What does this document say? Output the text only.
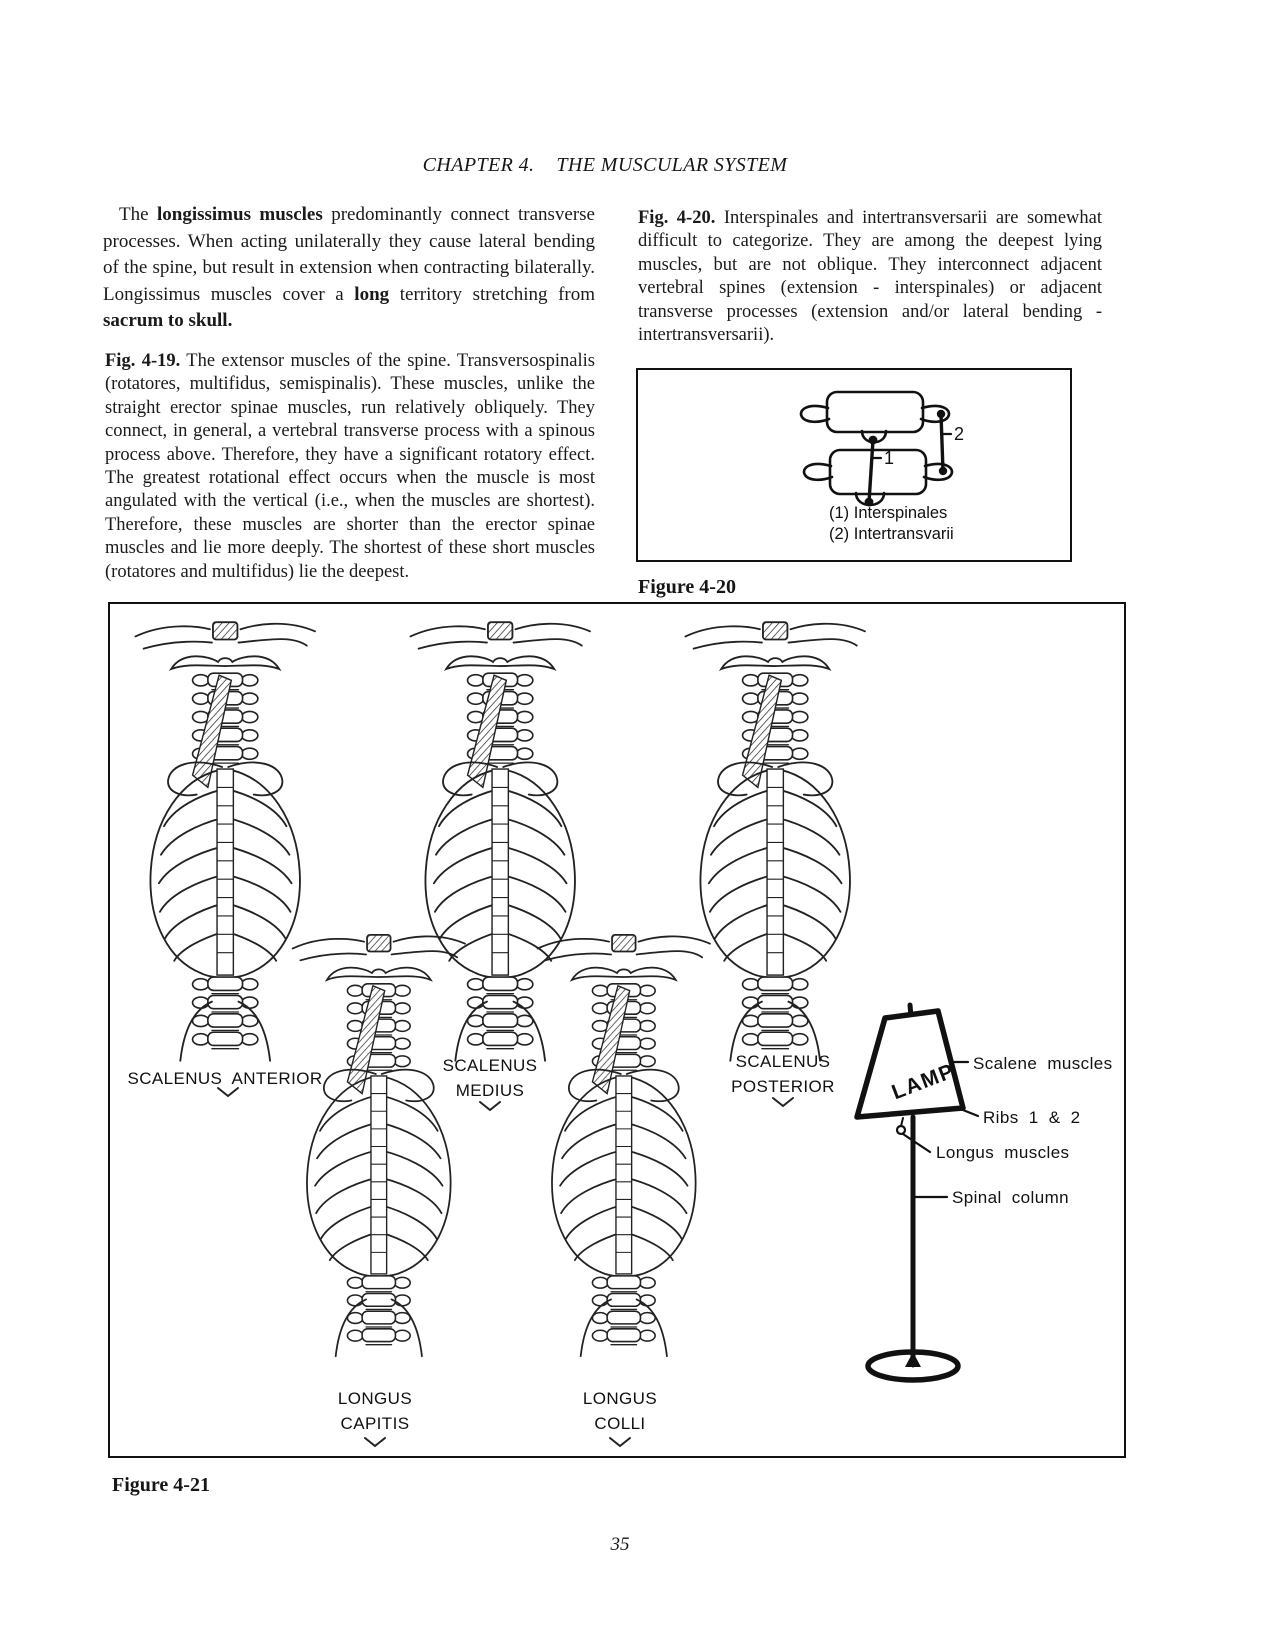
CHAPTER 4. THE MUSCULAR SYSTEM
The longissimus muscles predominantly connect transverse processes. When acting unilaterally they cause lateral bending of the spine, but result in extension when contracting bilaterally. Longissimus muscles cover a long territory stretching from sacrum to skull.
Fig. 4-19. The extensor muscles of the spine. Transversospinalis (rotatores, multifidus, semispinalis). These muscles, unlike the straight erector spinae muscles, run relatively obliquely. They connect, in general, a vertebral transverse process with a spinous process above. Therefore, they have a significant rotatory effect. The greatest rotational effect occurs when the muscle is most angulated with the vertical (i.e., when the muscles are shortest). Therefore, these muscles are shorter than the erector spinae muscles and lie more deeply. The shortest of these short muscles (rotatores and multifidus) lie the deepest.
Fig. 4-20. Interspinales and intertransversarii are somewhat difficult to categorize. They are among the deepest lying muscles, but are not oblique. They interconnect adjacent vertebral spines (extension - interspinales) or adjacent transverse processes (extension and/or lateral bending - intertransversarii).
1
2
(1) Interspinales
(2) Intertransvarii
Figure 4-20
SCALENUS ANTERIOR
SCALENUS
MEDIUS
SCALENUS
POSTERIOR
LONGUS
CAPITIS
LONGUS
COLLI
LAMP Scalene muscles
Ribs 1 & 2
Longus muscles
Spinal column
Figure 4-21
35
